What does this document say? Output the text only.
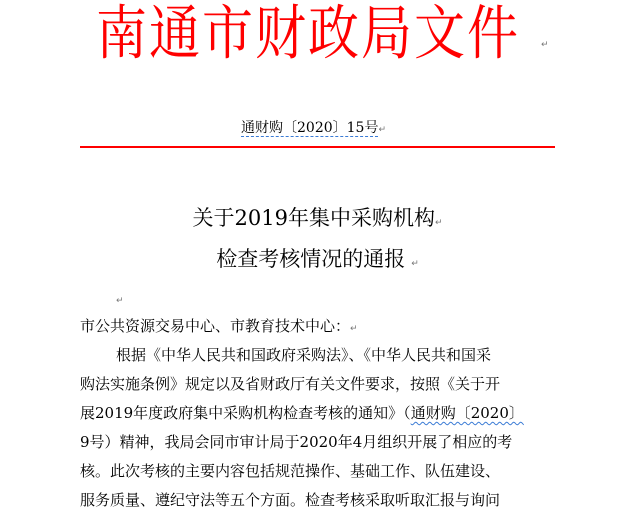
南通市财政局文件	↵
通财购〔2020〕15号↵
关于2019年集中采购机构↵
检查考核情况的通报 ↵
↵
市公共资源交易中心、市教育技术中心：↵
根据《中华人民共和国政府采购法》、《中华人民共和国采
购法实施条例》规定以及省财政厅有关文件要求，按照《关于开
展2019年度政府集中采购机构检查考核的通知》（通财购〔2020〕
9号）精神，我局会同市审计局于2020年4月组织开展了相应的考
核。此次考核的主要内容包括规范操作、基础工作、队伍建设、
服务质量、遵纪守法等五个方面。检查考核采取听取汇报与询问
